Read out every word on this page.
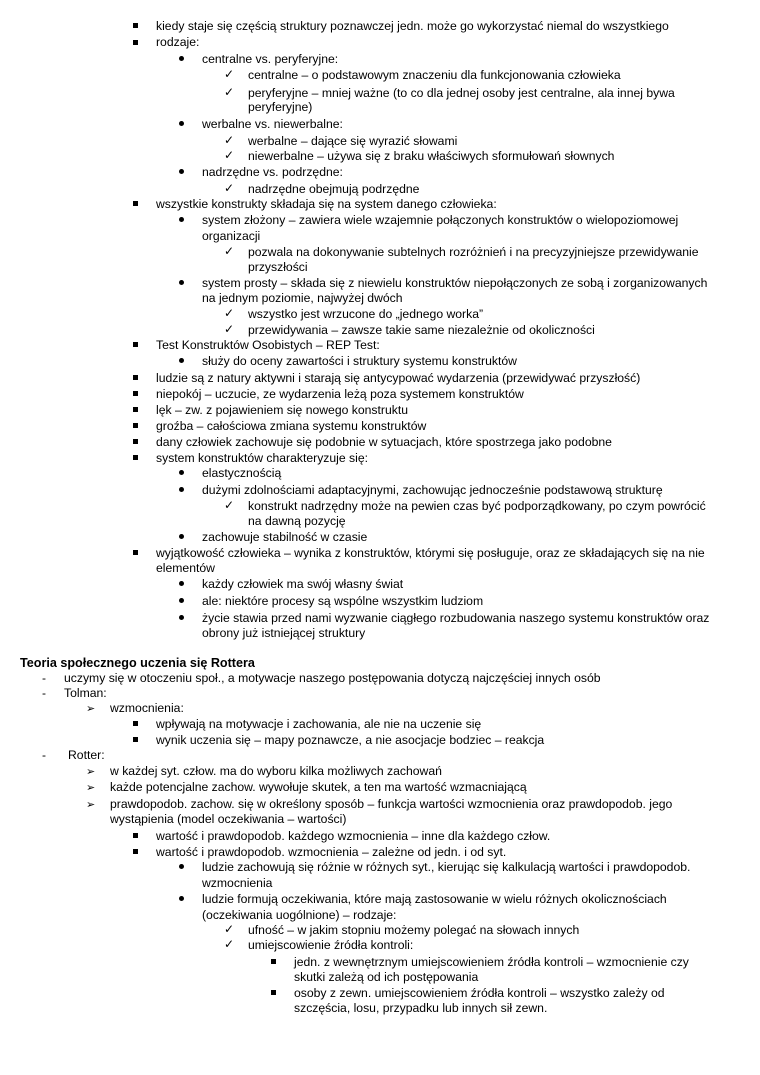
kiedy staje się częścią struktury poznawczej jedn. może go wykorzystać niemal do wszystkiego
rodzaje:
centralne vs. peryferyjne:
centralne – o podstawowym znaczeniu dla funkcjonowania człowieka
peryferyjne – mniej ważne (to co dla jednej osoby jest centralne, ala innej bywa
peryferyjne)
werbalne vs. niewerbalne:
werbalne – dające się wyrazić słowami
niewerbalne – używa się z braku właściwych sformułowań słownych
nadrzędne vs. podrzędne:
nadrzędne obejmują podrzędne
wszystkie konstrukty składaja się na system danego człowieka:
system złożony – zawiera wiele wzajemnie połączonych konstruktów o wielopoziomowej
organizacji
pozwala na dokonywanie subtelnych rozróżnień i na precyzyjniejsze przewidywanie
przyszłości
system prosty – składa się z niewielu konstruktów niepołączonych ze sobą i zorganizowanych
na jednym poziomie, najwyżej dwóch
wszystko jest wrzucone do „jednego worka”
przewidywania – zawsze takie same niezależnie od okoliczności
Test Konstruktów Osobistych – REP Test:
służy do oceny zawartości i struktury systemu konstruktów
ludzie są z natury aktywni i starają się antycypować wydarzenia (przewidywać przyszłość)
niepokój – uczucie, ze wydarzenia leżą poza systemem konstruktów
lęk – zw. z pojawieniem się nowego konstruktu
groźba – całościowa zmiana systemu konstruktów
dany człowiek zachowuje się podobnie w sytuacjach, które spostrzega jako podobne
system konstruktów charakteryzuje się:
elastycznością
dużymi zdolnościami adaptacyjnymi, zachowując jednocześnie podstawową strukturę
konstrukt nadrzędny może na pewien czas być podporządkowany, po czym powrócić
na dawną pozycję
zachowuje stabilność w czasie
wyjątkowość człowieka – wynika z konstruktów, którymi się posługuje, oraz ze składających się na nie
elementów
każdy człowiek ma swój własny świat
ale: niektóre procesy są wspólne wszystkim ludziom
życie stawia przed nami wyzwanie ciągłego rozbudowania naszego systemu konstruktów oraz
obrony już istniejącej struktury
Teoria społecznego uczenia się Rottera
uczymy się w otoczeniu społ., a motywacje naszego postępowania dotyczą najczęściej innych osób
Tolman:
wzmocnienia:
wpływają na motywacje i zachowania, ale nie na uczenie się
wynik uczenia się – mapy poznawcze, a nie asocjacje bodziec – reakcja
Rotter:
w każdej syt. człow. ma do wyboru kilka możliwych zachowań
każde potencjalne zachow. wywołuje skutek, a ten ma wartość wzmacniającą
prawdopodob. zachow. się w określony sposób – funkcja wartości wzmocnienia oraz prawdopodob. jego
wystąpienia (model oczekiwania – wartości)
wartość i prawdopodob. każdego wzmocnienia – inne dla każdego człow.
wartość i prawdopodob. wzmocnienia – zależne od jedn. i od syt.
ludzie zachowują się różnie w różnych syt., kierując się kalkulacją wartości i prawdopodob.
wzmocnienia
ludzie formują oczekiwania, które mają zastosowanie w wielu różnych okolicznościach
(oczekiwania uogólnione) – rodzaje:
ufność – w jakim stopniu możemy polegać na słowach innych
umiejscowienie źródła kontroli:
jedn. z wewnętrznym umiejscowieniem źródła kontroli – wzmocnienie czy
skutki zależą od ich postępowania
osoby z zewn. umiejscowieniem źródła kontroli – wszystko zależy od
szczęścia, losu, przypadku lub innych sił zewn.
✓
✓
✓
✓
✓
✓
✓
✓
✓
✓
✓
➢
➢
➢
➢
-
-
-
